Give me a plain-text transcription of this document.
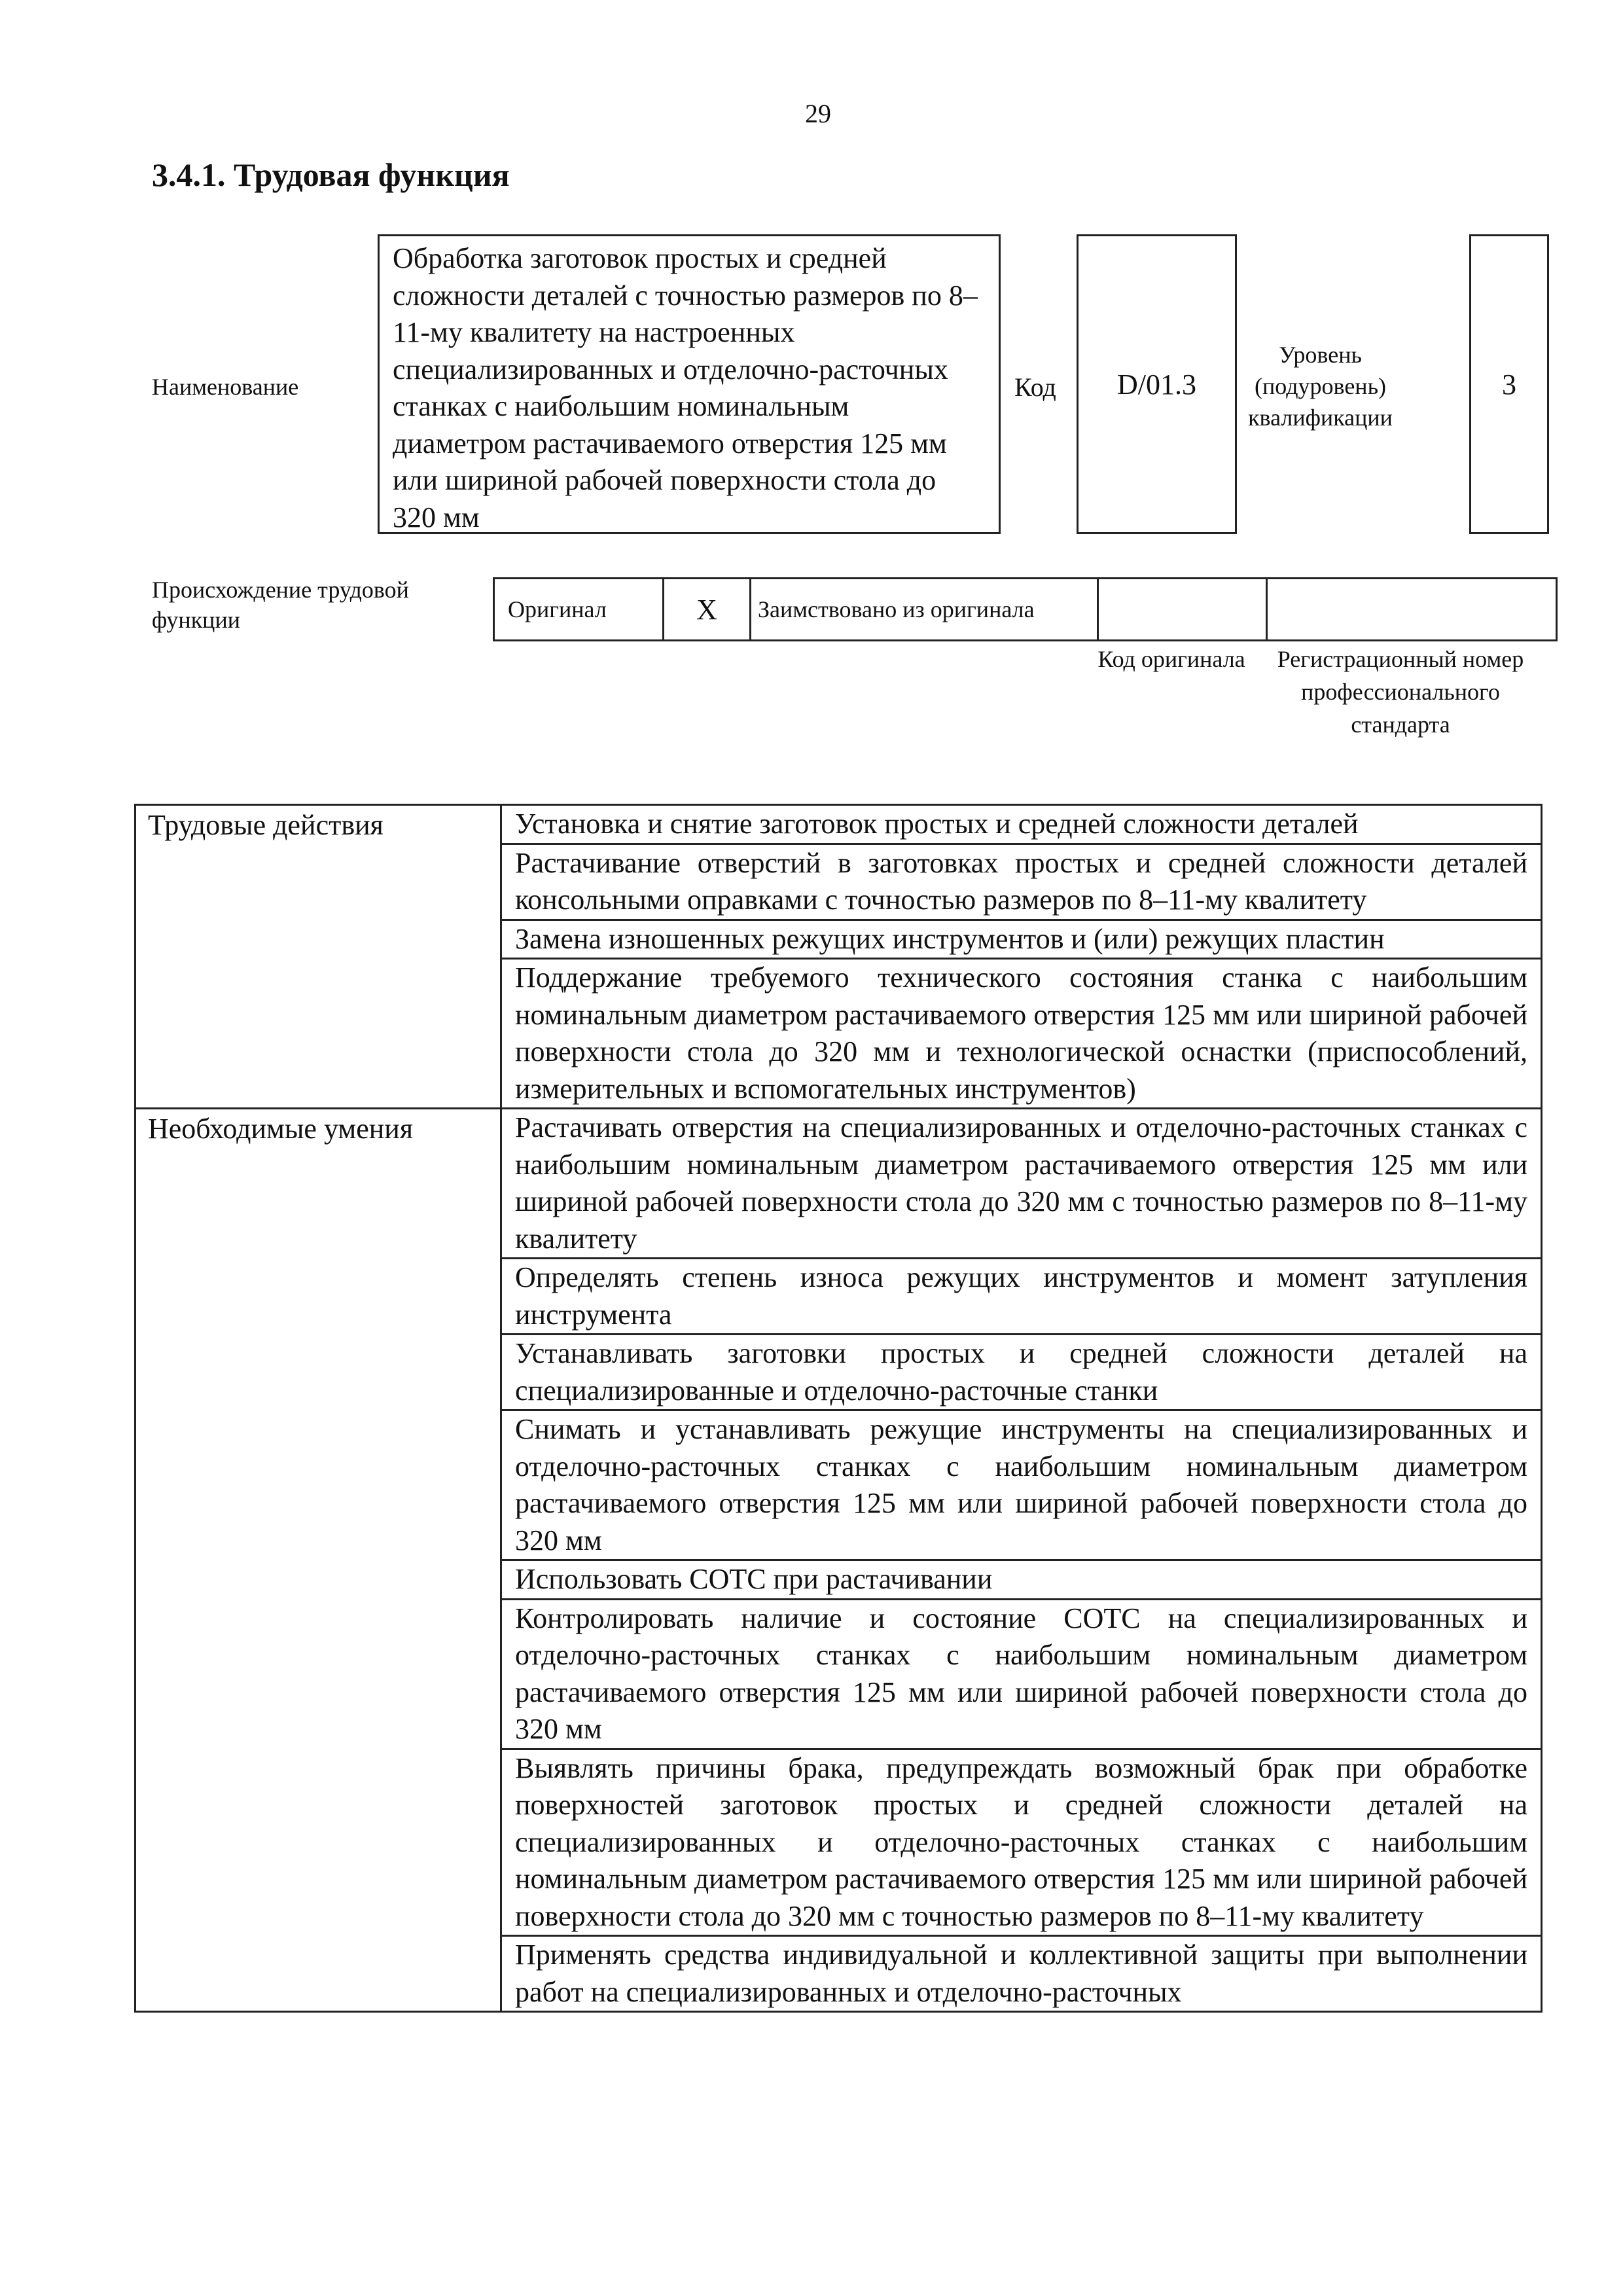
29
3.4.1. Трудовая функция
Наименование
Обработка заготовок простых и средней сложности деталей с точностью размеров по 8–11-му квалитету на настроенных специализированных и отделочно-расточных станках с наибольшим номинальным диаметром растачиваемого отверстия 125 мм или шириной рабочей поверхности стола до 320 мм
Код D/01.3
Уровень (подуровень) квалификации
3
Происхождение трудовой функции	Оригинал	X	Заимствовано из оригинала		
Код оригинала	Регистрационный номер профессионального стандарта
Трудовые действия	Установка и снятие заготовок простых и средней сложности деталей
	Растачивание отверстий в заготовках простых и средней сложности деталей консольными оправками с точностью размеров по 8–11-му квалитету
	Замена изношенных режущих инструментов и (или) режущих пластин
	Поддержание требуемого технического состояния станка с наибольшим номинальным диаметром растачиваемого отверстия 125 мм или шириной рабочей поверхности стола до 320 мм и технологической оснастки (приспособлений, измерительных и вспомогательных инструментов)
Необходимые умения	Растачивать отверстия на специализированных и отделочно-расточных станках с наибольшим номинальным диаметром растачиваемого отверстия 125 мм или шириной рабочей поверхности стола до 320 мм с точностью размеров по 8–11-му квалитету
	Определять степень износа режущих инструментов и момент затупления инструмента
	Устанавливать заготовки простых и средней сложности деталей на специализированные и отделочно-расточные станки
	Снимать и устанавливать режущие инструменты на специализированных и отделочно-расточных станках с наибольшим номинальным диаметром растачиваемого отверстия 125 мм или шириной рабочей поверхности стола до 320 мм
	Использовать СОТС при растачивании
	Контролировать наличие и состояние СОТС на специализированных и отделочно-расточных станках с наибольшим номинальным диаметром растачиваемого отверстия 125 мм или шириной рабочей поверхности стола до 320 мм
	Выявлять причины брака, предупреждать возможный брак при обработке поверхностей заготовок простых и средней сложности деталей на специализированных и отделочно-расточных станках с наибольшим номинальным диаметром растачиваемого отверстия 125 мм или шириной рабочей поверхности стола до 320 мм с точностью размеров по 8–11-му квалитету
	Применять средства индивидуальной и коллективной защиты при выполнении работ на специализированных и отделочно-расточных
